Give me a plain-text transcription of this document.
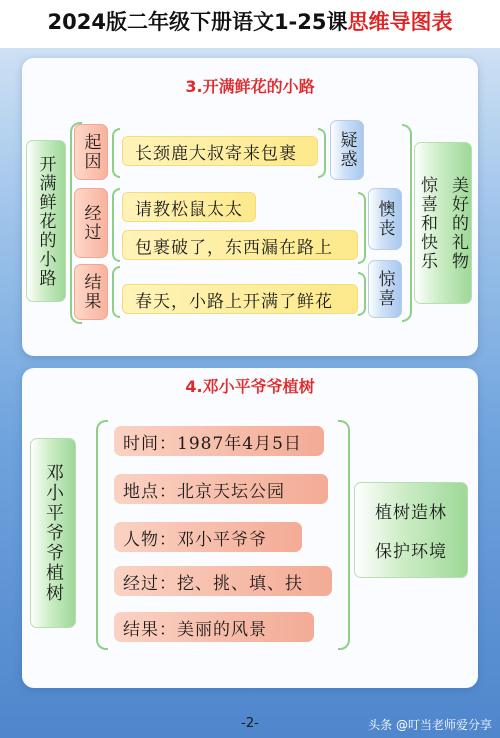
2024版二年级下册语文1-25课思维导图表
3.开满鲜花的小路
开满鲜花的小路
起因
经过
结果
长颈鹿大叔寄来包裹
请教松鼠太太
包裹破了，东西漏在路上
春天，小路上开满了鲜花
疑惑
懊丧
惊喜
美好的礼物
惊喜和快乐
4.邓小平爷爷植树
邓小平爷爷植树
时间：1987年4月5日
地点：北京天坛公园
人物：邓小平爷爷
经过：挖、挑、填、扶
结果：美丽的风景
植树造林
保护环境
-2-	头条 @叮当老师爱分享
